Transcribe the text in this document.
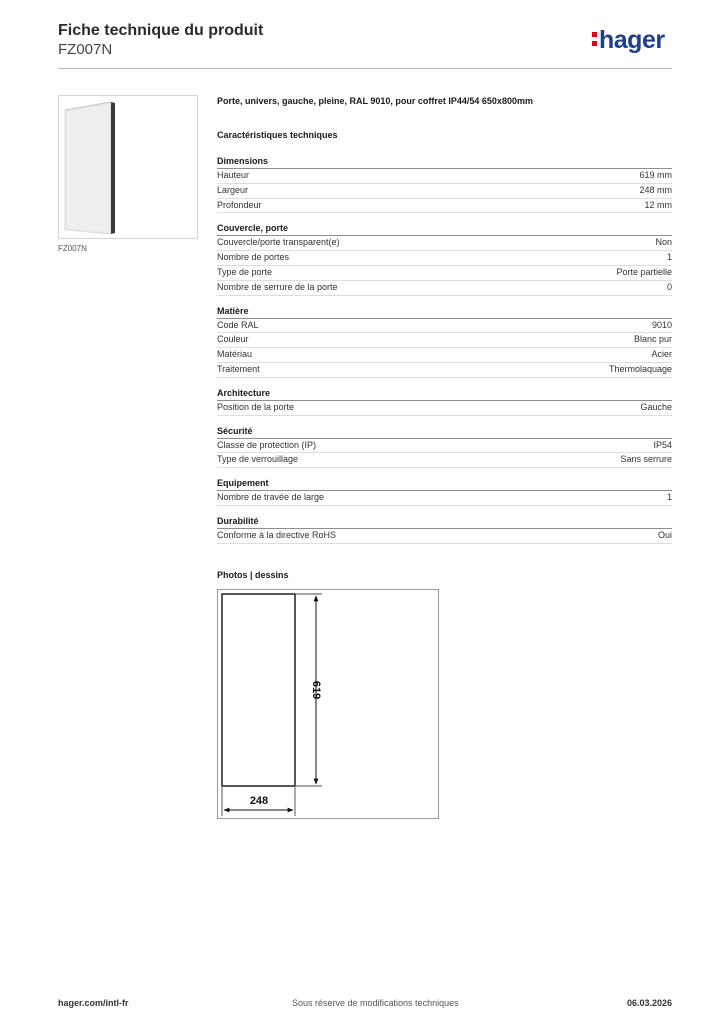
Fiche technique du produit
FZ007N	hager
FZ007N
Porte, univers, gauche, pleine, RAL 9010, pour coffret IP44/54 650x800mm
Caractéristiques techniques
Dimensions
Hauteur	619 mm
Largeur	248 mm
Profondeur	12 mm
Couvercle, porte
Couvercle/porte transparent(e)	Non
Nombre de portes	1
Type de porte	Porte partielle
Nombre de serrure de la porte	0
Matière
Code RAL	9010
Couleur	Blanc pur
Matériau	Acier
Traitement	Thermolaquage
Architecture
Position de la porte	Gauche
Sécurité
Classe de protection (IP)	IP54
Type de verrouillage	Sans serrure
Equipement
Nombre de travée de large	1
Durabilité
Conforme à la directive RoHS	Oui
Photos | dessins
619
248
hager.com/intl-fr	Sous réserve de modifications techniques	06.03.2026
